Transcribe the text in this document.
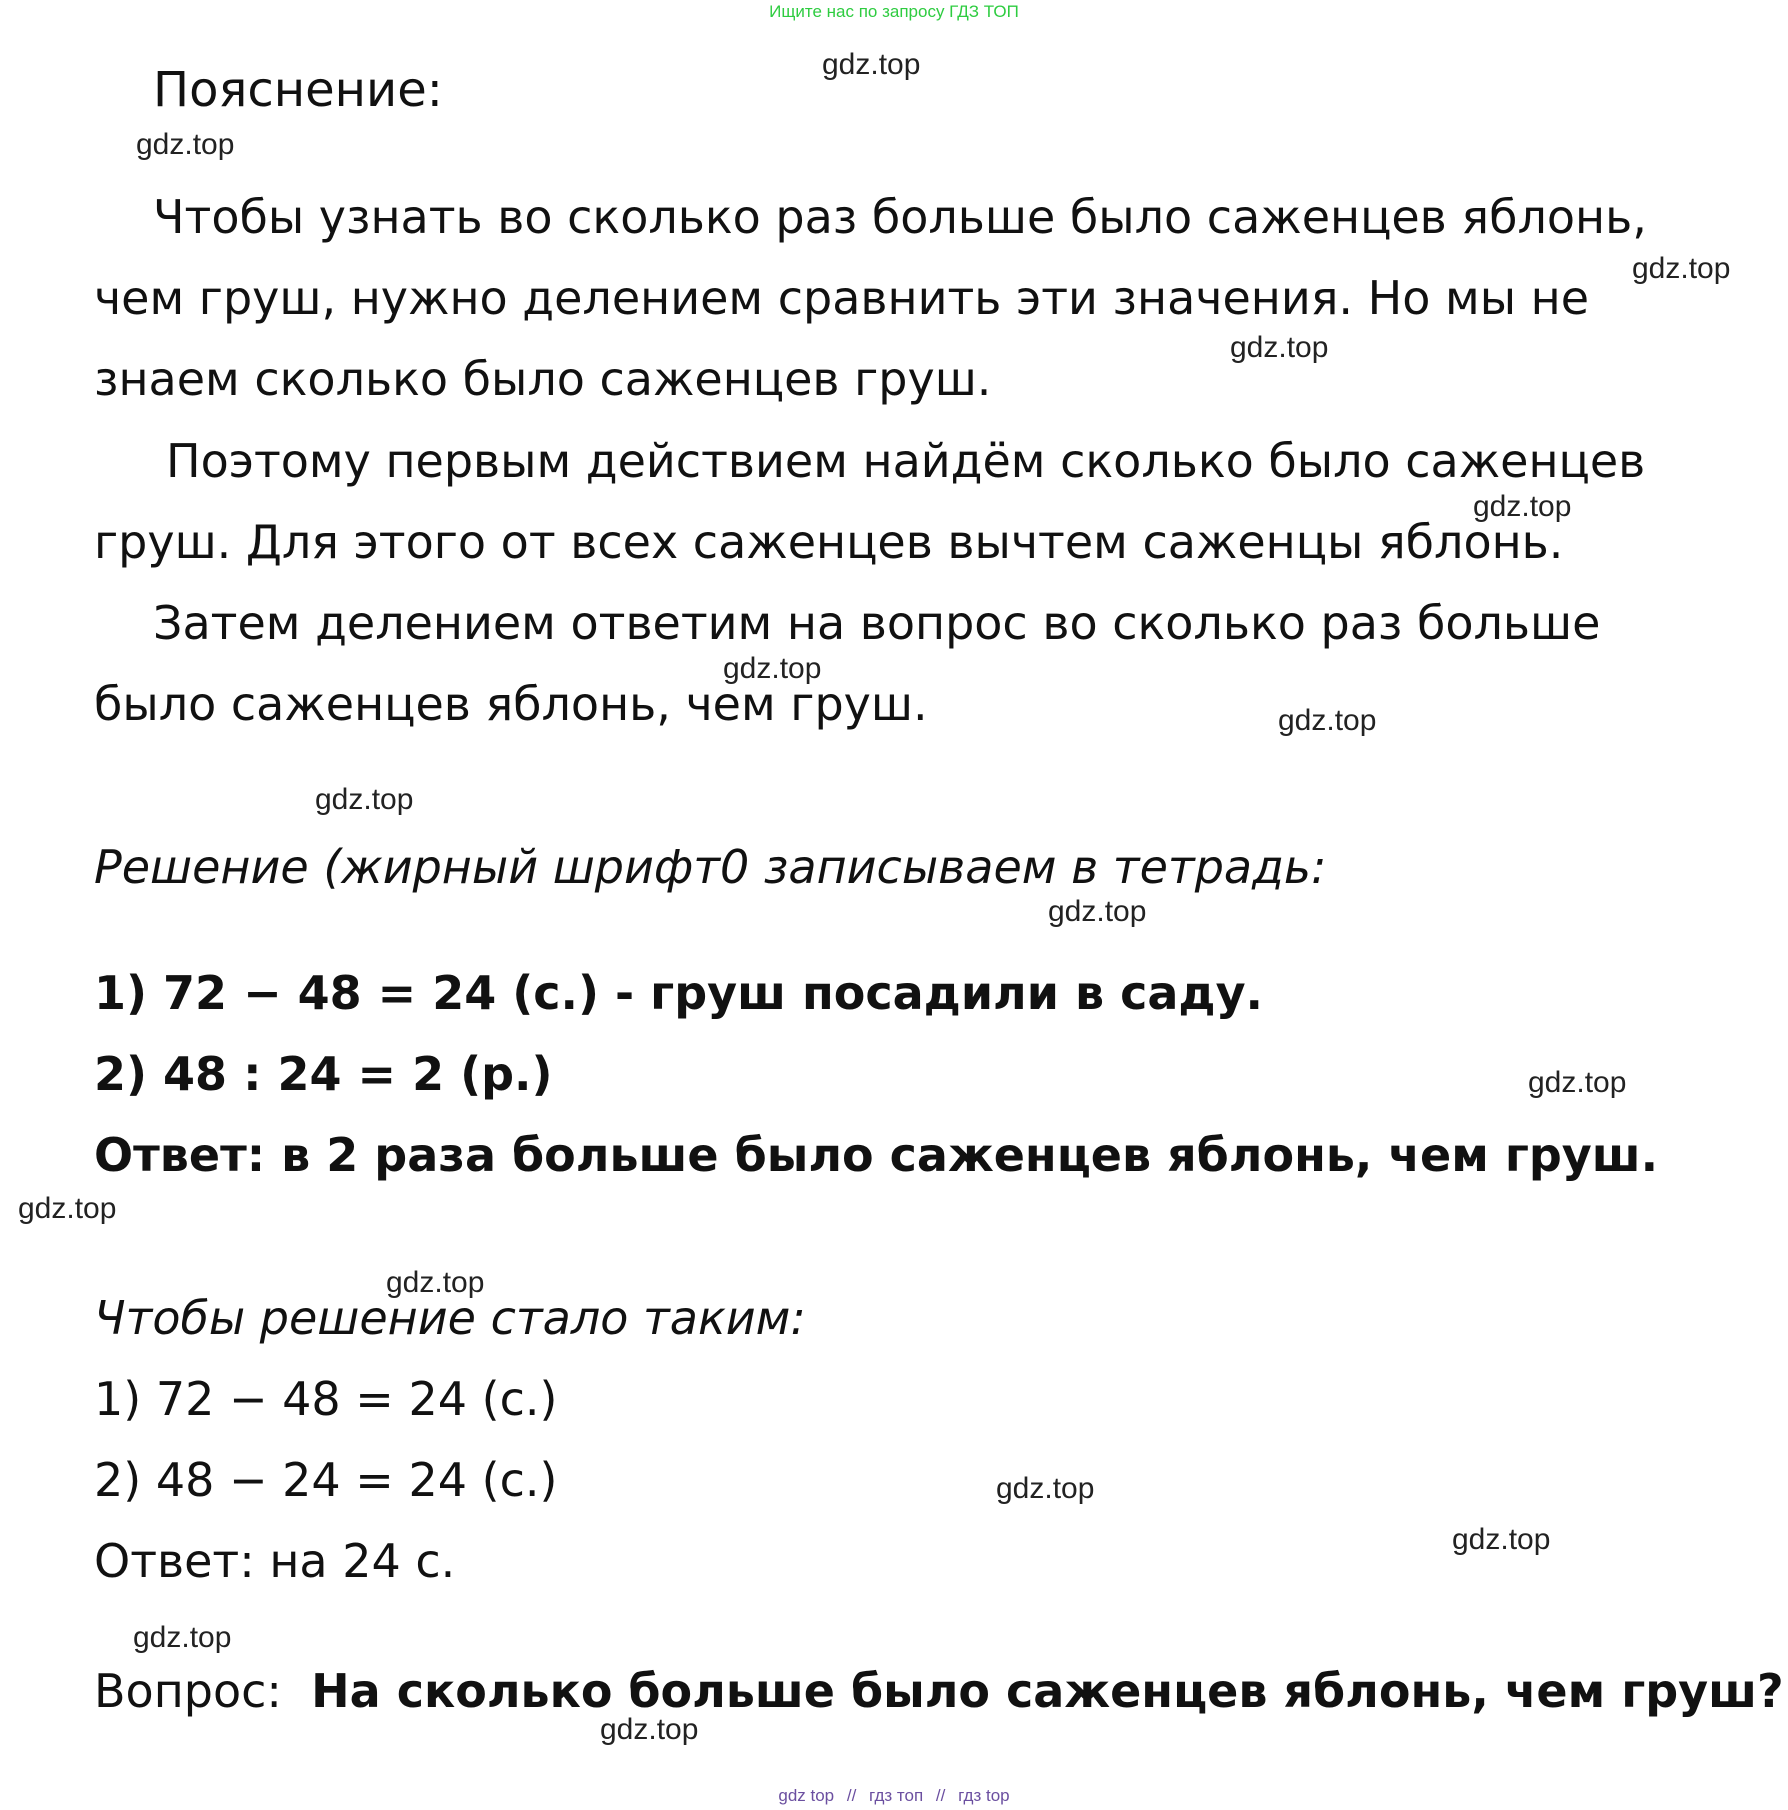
Ищите нас по запросу ГДЗ ТОП
gdz.top
gdz.top
gdz.top
gdz.top
gdz.top
gdz.top
gdz.top
gdz.top
gdz.top
gdz.top
gdz.top
gdz.top
gdz.top
gdz.top
gdz.top
gdz.top
Пояснение:
Чтобы узнать во сколько раз больше было саженцев яблонь,
чем груш, нужно делением сравнить эти значения. Но мы не
знаем сколько было саженцев груш.
Поэтому первым действием найдём сколько было саженцев
груш. Для этого от всех саженцев вычтем саженцы яблонь.
Затем делением ответим на вопрос во сколько раз больше
было саженцев яблонь, чем груш.
Решение (жирный шрифт0 записываем в тетрадь:
1) 72 − 48 = 24 (с.) - груш посадили в саду.
2) 48 : 24 = 2 (р.)
Ответ: в 2 раза больше было саженцев яблонь, чем груш.
Чтобы решение стало таким:
1) 72 − 48 = 24 (с.)
2) 48 − 24 = 24 (с.)
Ответ: на 24 с.
Вопрос: На сколько больше было саженцев яблонь, чем груш?
gdz top // гдз топ // гдз top
